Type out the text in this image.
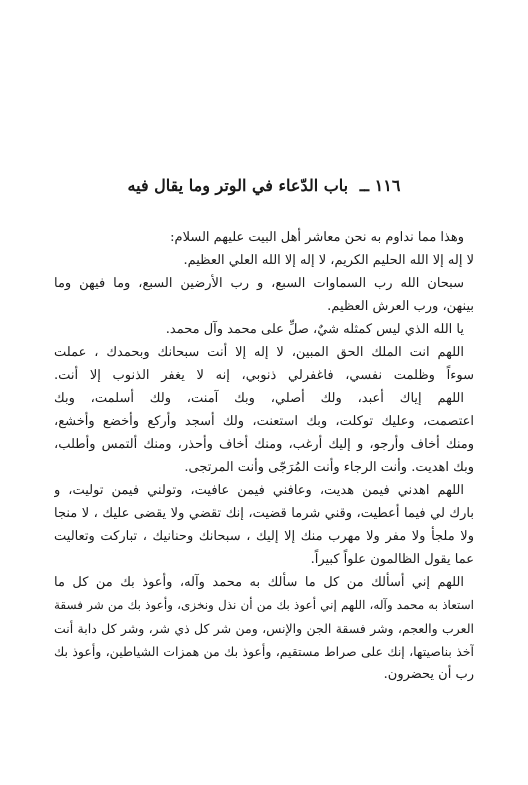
١١٦ ــ باب الدّعاء في الوتر وما يقال فيه
وهذا مما نداوم به نحن معاشر أهل البيت عليهم السلام:
لا إله إلا الله الحليم الكريم، لا إله إلا الله العلي العظيم.
سبحان الله رب السماوات السبع، و رب الأرضين السبع، وما فيهن وما
بينهن، ورب العرش العظيم.
يا الله الذي ليس كمثله شيٌ، صلِّ على محمد وآل محمد.
اللهم انت الملك الحق المبين، لا إله إلا أنت سبحانك وبحمدك ، عملت
سوءاً وظلمت نفسي، فاغفرلي ذنوبي، إنه لا يغفر الذنوب إلا أنت.
اللهم إياك أعبد، ولك أصلي، وبك آمنت، ولك أسلمت، وبك
اعتصمت، وعليك توكلت، وبك استعنت، ولك أسجد وأركع وأخضع وأخشع،
ومنك أخاف وأرجو، و إليك أرغب، ومنك أخاف وأحذر، ومنك ألتمس وأطلب،
وبك اهديت. وأنت الرجاء وأنت المُرَجّى وأنت المرتجى.
اللهم اهدني فيمن هديت، وعافني فيمن عافيت، وتولني فيمن توليت، و
بارك لي فيما أعطيت، وقني شرما قضيت، إنك تقضي ولا يقضى عليك ، لا منجا
ولا ملجأ ولا مفر ولا مهرب منك إلا إليك ، سبحانك وحنانيك ، تباركت وتعاليت
عما يقول الظالمون علواً كبيراً.
اللهم إني أسألك من كل ما سألك به محمد وآله، وأعوذ بك من كل ما
استعاذ به محمد وآله، اللهم إني أعوذ بك من أن نذل ونخزى، وأعوذ بك من شر فسقة
العرب والعجم، وشر فسقة الجن والإنس، ومن شر كل ذي شر، وشر كل دابة أنت
آخذ بناصيتها، إنك على صراط مستقيم، وأعوذ بك من همزات الشياطين، وأعوذ بك
رب أن يحضرون.
